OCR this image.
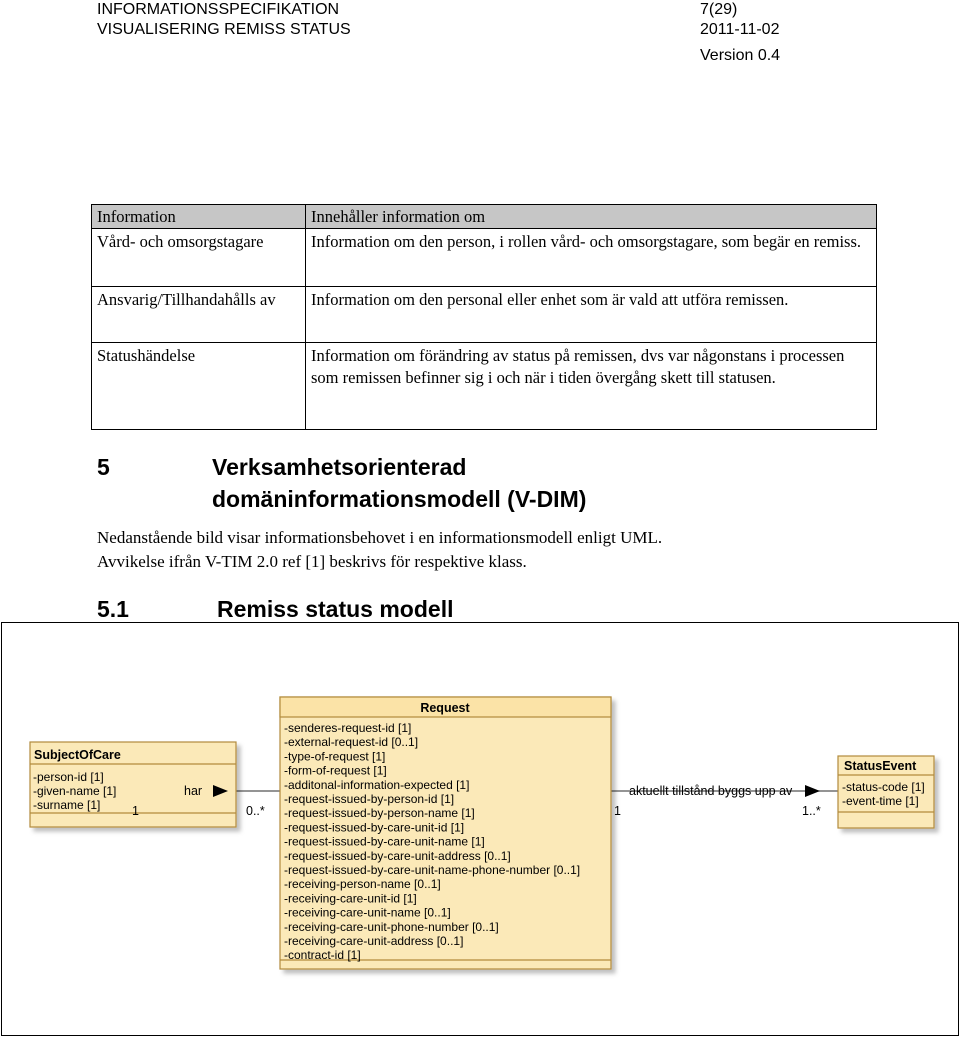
INFORMATIONSSPECIFIKATION
VISUALISERING REMISS STATUS
7(29)
2011-11-02
Version 0.4
Information	Innehåller information om
Vård- och omsorgstagare	Information om den person, i rollen vård- och omsorgstagare, som begär en remiss.
Ansvarig/Tillhandahålls av	Information om den personal eller enhet som är vald att utföra remissen.
Statushändelse	Information om förändring av status på remissen, dvs var någonstans i processen som remissen befinner sig i och när i tiden övergång skett till statusen.
5	Verksamhetsorienterad
domäninformationsmodell (V-DIM)
Nedanstående bild visar informationsbehovet i en informationsmodell enligt UML.
Avvikelse ifrån V-TIM 2.0 ref [1] beskrivs för respektive klass.
5.1	Remiss status modell
SubjectOfCare
-person-id [1]
-given-name [1]
-surname [1]
Request
-senderes-request-id [1]
-external-request-id [0..1]
-type-of-request [1]
-form-of-request [1]
-additonal-information-expected [1]
-request-issued-by-person-id [1]
-request-issued-by-person-name [1]
-request-issued-by-care-unit-id [1]
-request-issued-by-care-unit-name [1]
-request-issued-by-care-unit-address [0..1]
-request-issued-by-care-unit-name-phone-number [0..1]
-receiving-person-name [0..1]
-receiving-care-unit-id [1]
-receiving-care-unit-name [0..1]
-receiving-care-unit-phone-number [0..1]
-receiving-care-unit-address [0..1]
-contract-id [1]
StatusEvent
-status-code [1]
-event-time [1]
har
1	0..*
aktuellt tillstånd byggs upp av
1	1..*
